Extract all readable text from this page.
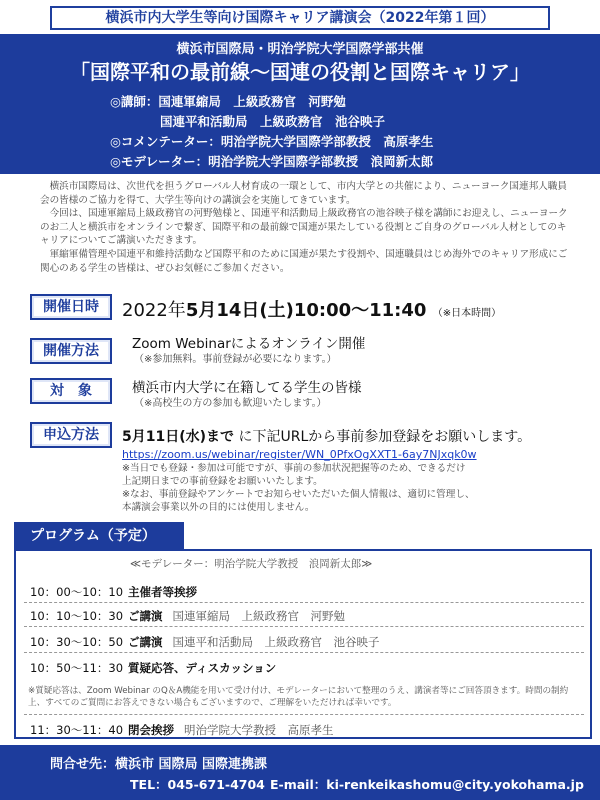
横浜市内大学生等向け国際キャリア講演会（2022年第１回）
横浜市国際局・明治学院大学国際学部共催
「国際平和の最前線～国連の役割と国際キャリア」
◎講師：国連軍縮局　上級政務官　河野勉
　　　　国連平和活動局　上級政務官　池谷映子
◎コメンテーター：明治学院大学国際学部教授　高原孝生
◎モデレーター：明治学院大学国際学部教授　浪岡新太郎

横浜市国際局は、次世代を担うグローバル人材育成の一環として、市内大学との共催により、ニューヨーク国連邦人職員会の皆様のご協力を得て、大学生等向けの講演会を実施してきています。

今回は、国連軍縮局上級政務官の河野勉様と、国連平和活動局上級政務官の池谷映子様を講師にお迎えし、ニューヨークのお二人と横浜市をオンラインで繋ぎ、国際平和の最前線で国連が果たしている役割とご自身のグローバル人材としてのキャリアについてご講演いただきます。

軍縮軍備管理や国連平和維持活動など国際平和のために国連が果たす役割や、国連職員はじめ海外でのキャリア形成にご関心のある学生の皆様は、ぜひお気軽にご参加ください。

開催日時	2022年5月14日(土)10:00～11:40 （※日本時間）
開催方法	Zoom Webinarによるオンライン開催
（※参加無料。事前登録が必要になります。）
対　象	横浜市内大学に在籍してる学生の皆様
（※高校生の方の参加も歓迎いたします。）
申込方法	5月11日(水)まで に下記URLから事前参加登録をお願いします。
https://zoom.us/webinar/register/WN_0PfxOgXXT1-6ay7NJxqk0w
※当日でも登録・参加は可能ですが、事前の参加状況把握等のため、できるだけ
上記期日までの事前登録をお願いいたします。
※なお、事前登録やアンケートでお知らせいただいた個人情報は、適切に管理し、
本講演会事業以外の目的には使用しません。
プログラム（予定）
≪モデレーター：明治学院大学教授　浪岡新太郎≫
10：00～10：10 主催者等挨拶
10：10～10：30 ご講演 国連軍縮局　上級政務官　河野勉
10：30～10：50 ご講演 国連平和活動局　上級政務官　池谷映子
10：50～11：30 質疑応答、ディスカッション
※質疑応答は、Zoom Webinar のQ＆A機能を用いて受け付け、モデレーターにおいて整理のうえ、講演者等にご回答頂きます。時間の制約上、すべてのご質問にお答えできない場合もございますので、ご理解をいただければ幸いです。
11：30～11：40 閉会挨拶 明治学院大学教授　高原孝生
問合せ先：横浜市 国際局 国際連携課
TEL：045-671-4704 E-mail：ki-renkeikashomu@city.yokohama.jp
